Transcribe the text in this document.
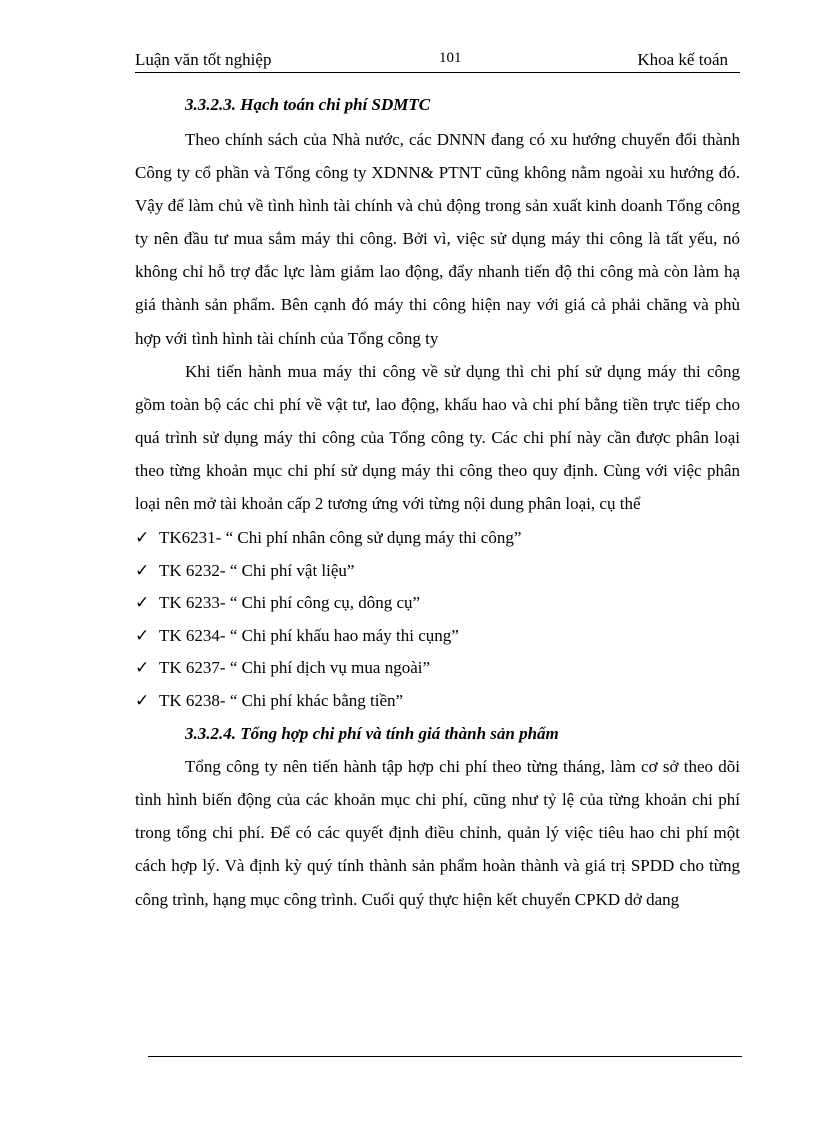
Luận văn tốt nghiệp	101	Khoa kế toán
3.3.2.3. Hạch toán chi phí SDMTC

Theo chính sách của Nhà nước, các DNNN đang có xu hướng chuyển đổi thành Công ty cổ phần và Tổng công ty XDNN& PTNT cũng không nằm ngoài xu hướng đó. Vậy để làm chủ về tình hình tài chính và chủ động trong sản xuất kinh doanh Tổng công ty nên đầu tư mua sắm máy thi công. Bởi vì, việc sử dụng máy thi công là tất yếu, nó không chỉ hỗ trợ đắc lực làm giảm lao động, đẩy nhanh tiến độ thi công mà còn làm hạ giá thành sản phẩm. Bên cạnh đó máy thi công hiện nay với giá cả phải chăng và phù hợp với tình hình tài chính của Tổng công ty

Khi tiến hành mua máy thi công về sử dụng thì chi phí sử dụng máy thi công gồm toàn bộ các chi phí về vật tư, lao động, khấu hao và chi phí bằng tiền trực tiếp cho quá trình sử dụng máy thi công của Tổng công ty. Các chi phí này cần được phân loại theo từng khoản mục chi phí sử dụng máy thi công theo quy định. Cùng với việc phân loại nên mở tài khoản cấp 2 tương ứng với từng nội dung phân loại, cụ thể

✓ TK6231- “ Chi phí nhân công sử dụng máy thi công”
✓ TK 6232- “ Chi phí vật liệu”
✓ TK 6233- “ Chi phí công cụ, dông cụ”
✓ TK 6234- “ Chi phí khấu hao máy thi cụng”
✓ TK 6237- “ Chi phí dịch vụ mua ngoài”
✓ TK 6238- “ Chi phí khác bằng tiền”
3.3.2.4. Tổng hợp chi phí và tính giá thành sản phẩm

Tổng công ty nên tiến hành tập hợp chi phí theo từng tháng, làm cơ sở theo dõi tình hình biến động của các khoản mục chi phí, cũng như tỷ lệ của từng khoản chi phí trong tổng chi phí. Để có các quyết định điều chỉnh, quản lý việc tiêu hao chi phí một cách hợp lý. Và định kỳ quý tính thành sản phẩm hoàn thành và giá trị SPDD cho từng công trình, hạng mục công trình. Cuối quý thực hiện kết chuyển CPKD dở dang
